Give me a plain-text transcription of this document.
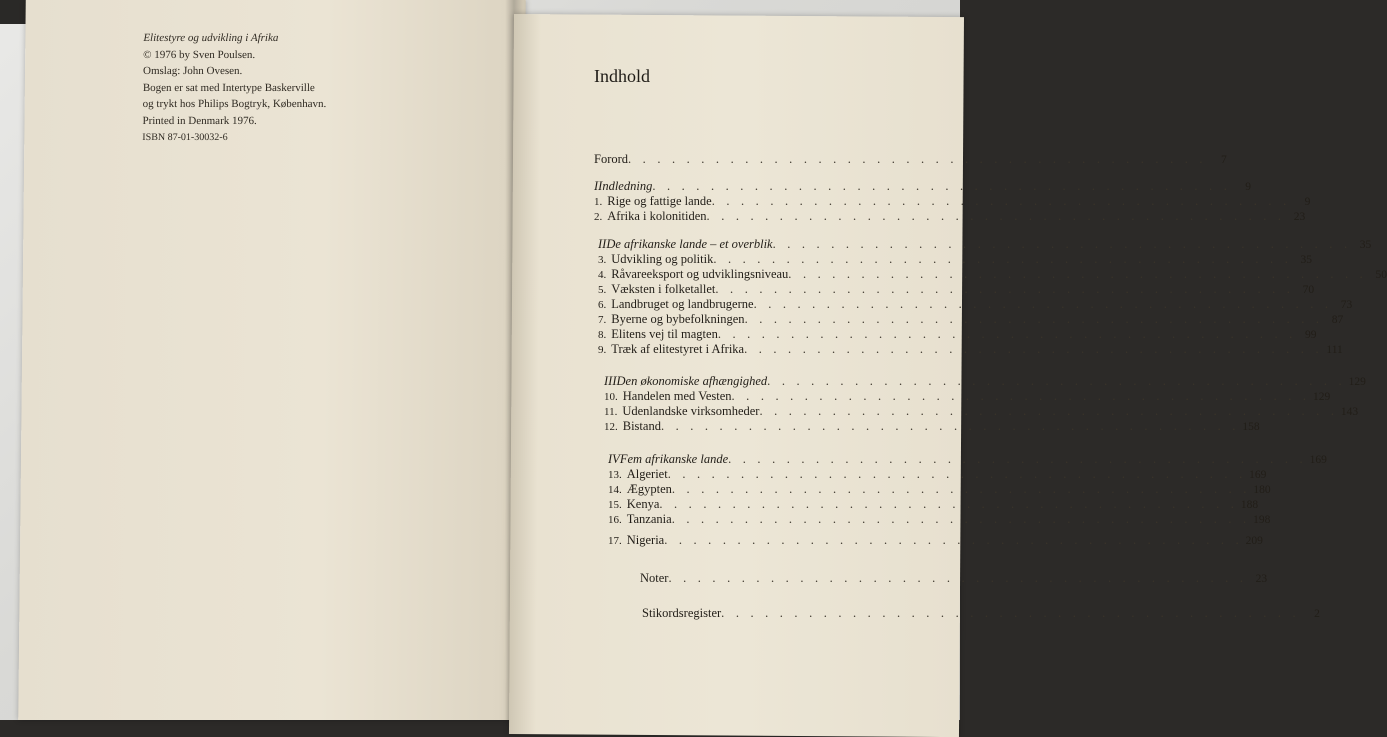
Elitestyre og udvikling i Afrika
© 1976 by Sven Poulsen.
Omslag: John Ovesen.
Bogen er sat med Intertype Baskerville
og trykt hos Philips Bogtryk, København.
Printed in Denmark 1976.
ISBN 87-01-30032-6
Indhold
Forord . . . . . . . . . . . . . . . . . . . . . . . . . . . . . . . . . . . . . . . .	7
I Indledning . . . . . . . . . . . . . . . . . . . . . . . . . . . . . . . . . . . . . . . .	9
1. Rige og fattige lande . . . . . . . . . . . . . . . . . . . . . . . . . . . . . . . . . . . . . . . .	9
2. Afrika i kolonitiden . . . . . . . . . . . . . . . . . . . . . . . . . . . . . . . . . . . . . . . . 23
II De afrikanske lande – et overblik . . . . . . . . . . . . . . . . . . . . . . . . . . . . . . . . . . . . . . . . 35
3. Udvikling og politik . . . . . . . . . . . . . . . . . . . . . . . . . . . . . . . . . . . . . . . . 35
4. Råvareeksport og udviklingsniveau . . . . . . . . . . . . . . . . . . . . . . . . . . . . . . . . . . . . . . . . 50
5. Væksten i folketallet . . . . . . . . . . . . . . . . . . . . . . . . . . . . . . . . . . . . . . . . 70
6. Landbruget og landbrugerne . . . . . . . . . . . . . . . . . . . . . . . . . . . . . . . . . . . . . . . . 73
7. Byerne og bybefolkningen . . . . . . . . . . . . . . . . . . . . . . . . . . . . . . . . . . . . . . . . 87
8. Elitens vej til magten . . . . . . . . . . . . . . . . . . . . . . . . . . . . . . . . . . . . . . . . 99
9. Træk af elitestyret i Afrika . . . . . . . . . . . . . . . . . . . . . . . . . . . . . . . . . . . . . . . . 111
III Den økonomiske afhængighed . . . . . . . . . . . . . . . . . . . . . . . . . . . . . . . . . . . . . . . . 129
10. Handelen med Vesten . . . . . . . . . . . . . . . . . . . . . . . . . . . . . . . . . . . . . . . . 129
11. Udenlandske virksomheder . . . . . . . . . . . . . . . . . . . . . . . . . . . . . . . . . . . . . . . . 143
12. Bistand . . . . . . . . . . . . . . . . . . . . . . . . . . . . . . . . . . . . . . . . 158
IV Fem afrikanske lande . . . . . . . . . . . . . . . . . . . . . . . . . . . . . . . . . . . . . . . . 169
13. Algeriet . . . . . . . . . . . . . . . . . . . . . . . . . . . . . . . . . . . . . . . . 169
14. Ægypten . . . . . . . . . . . . . . . . . . . . . . . . . . . . . . . . . . . . . . . . 180
15. Kenya . . . . . . . . . . . . . . . . . . . . . . . . . . . . . . . . . . . . . . . . 188
16. Tanzania . . . . . . . . . . . . . . . . . . . . . . . . . . . . . . . . . . . . . . . . 198
17. Nigeria . . . . . . . . . . . . . . . . . . . . . . . . . . . . . . . . . . . . . . . . 209
Noter . . . . . . . . . . . . . . . . . . . . . . . . . . . . . . . . . . . . . . . . 23
Stikordsregister . . . . . . . . . . . . . . . . . . . . . . . . . . . . . . . . . . . . . . . .	2
